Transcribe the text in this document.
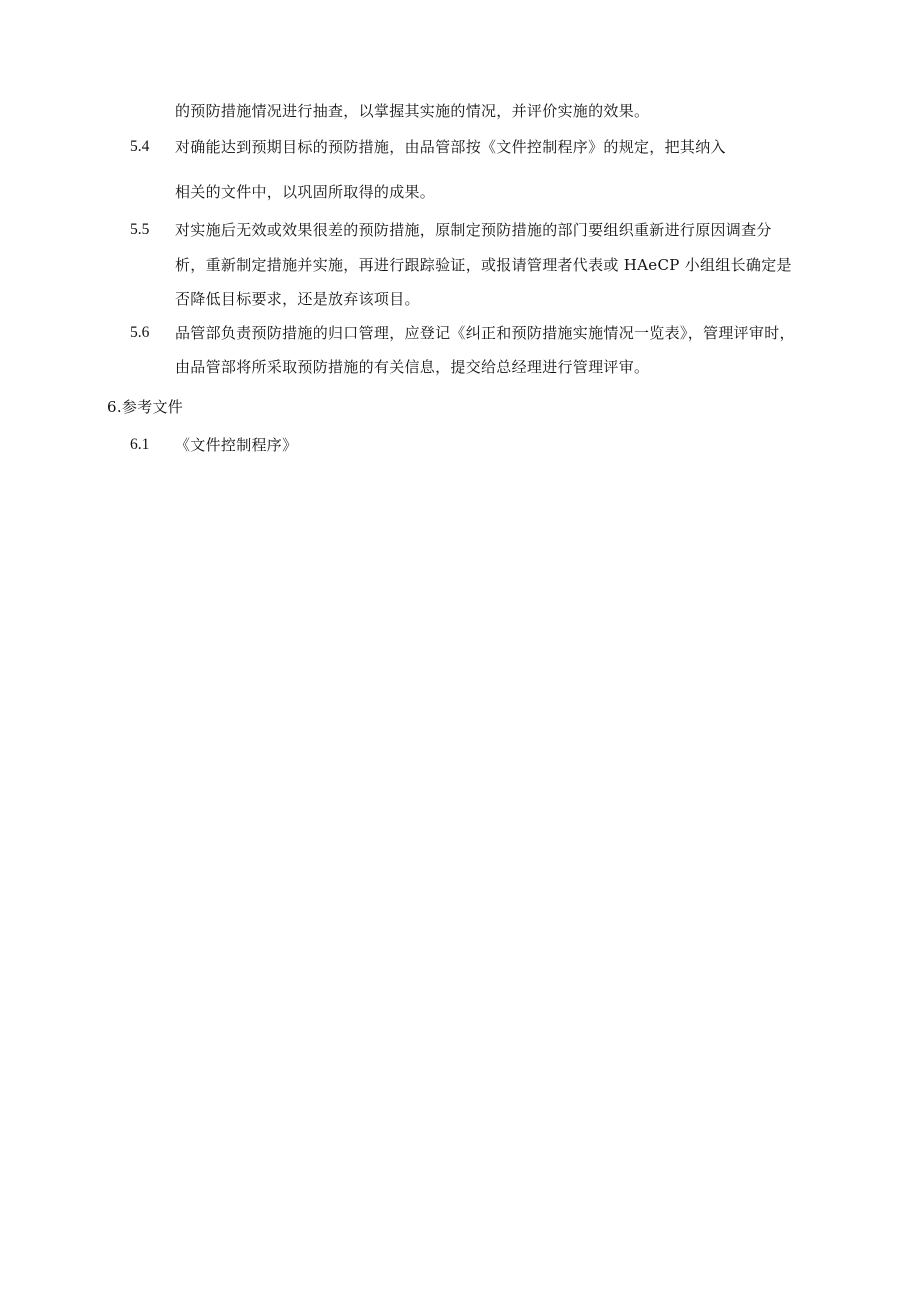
的预防措施情况进行抽查，以掌握其实施的情况，并评价实施的效果。
5.4 对确能达到预期目标的预防措施，由品管部按《文件控制程序》的规定，把其纳入
相关的文件中，以巩固所取得的成果。
5.5 对实施后无效或效果很差的预防措施，原制定预防措施的部门要组织重新进行原因调查分
析，重新制定措施并实施，再进行跟踪验证，或报请管理者代表或 HAeCP 小组组长确定是
否降低目标要求，还是放弃该项目。
5.6 品管部负责预防措施的归口管理，应登记《纠正和预防措施实施情况一览表》，管理评审时，
由品管部将所采取预防措施的有关信息，提交给总经理进行管理评审。
6.参考文件
6.1 《文件控制程序》
